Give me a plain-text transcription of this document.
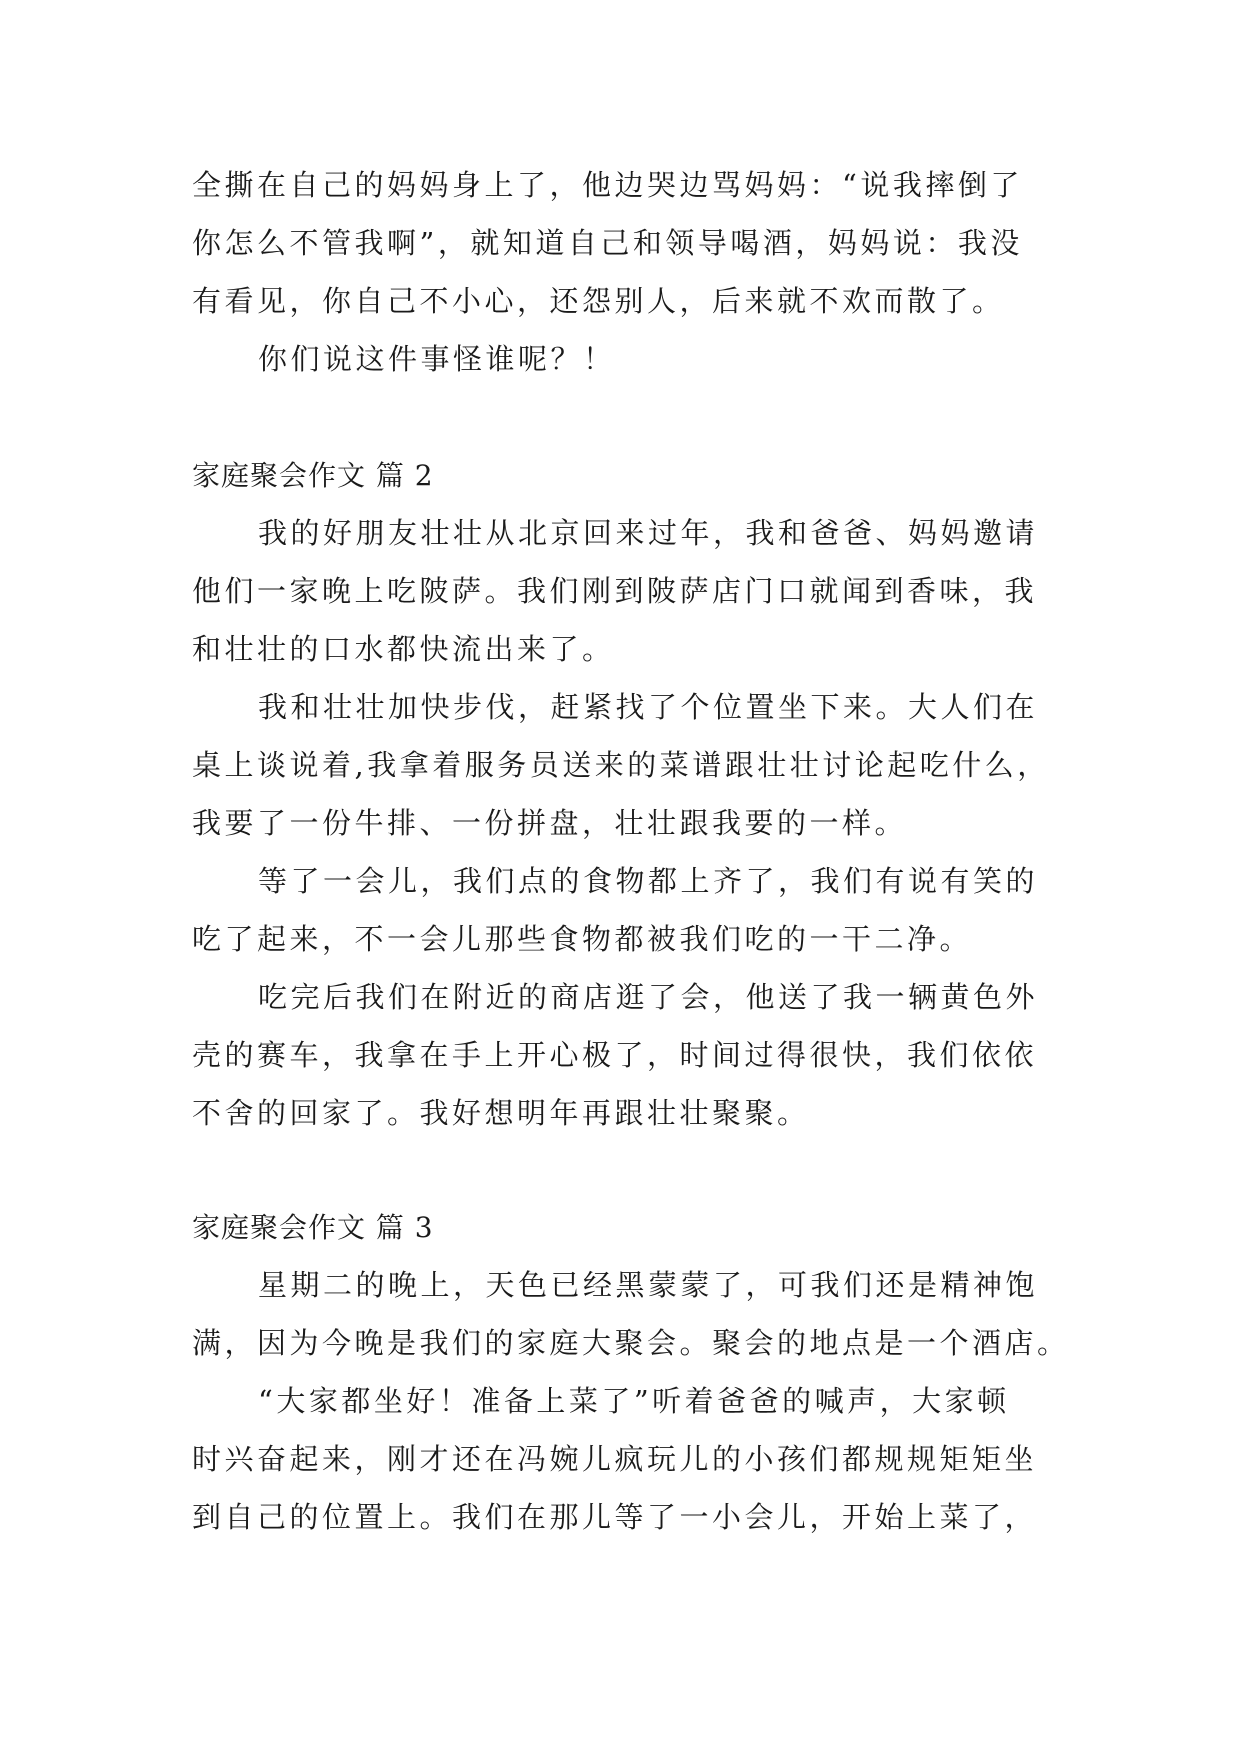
全撕在自己的妈妈身上了，他边哭边骂妈妈：“说我摔倒了
你怎么不管我啊”，就知道自己和领导喝酒，妈妈说：我没
有看见，你自己不小心，还怨别人，后来就不欢而散了。
你们说这件事怪谁呢？！
家庭聚会作文 篇 2
我的好朋友壮壮从北京回来过年，我和爸爸、妈妈邀请
他们一家晚上吃陂萨。我们刚到陂萨店门口就闻到香味，我
和壮壮的口水都快流出来了。
我和壮壮加快步伐，赶紧找了个位置坐下来。大人们在
桌上谈说着,我拿着服务员送来的菜谱跟壮壮讨论起吃什么，
我要了一份牛排、一份拼盘，壮壮跟我要的一样。
等了一会儿，我们点的食物都上齐了，我们有说有笑的
吃了起来，不一会儿那些食物都被我们吃的一干二净。
吃完后我们在附近的商店逛了会，他送了我一辆黄色外
壳的赛车，我拿在手上开心极了，时间过得很快，我们依依
不舍的回家了。我好想明年再跟壮壮聚聚。
家庭聚会作文 篇 3
星期二的晚上，天色已经黑蒙蒙了，可我们还是精神饱
满，因为今晚是我们的家庭大聚会。聚会的地点是一个酒店。
“大家都坐好！准备上菜了”听着爸爸的喊声，大家顿
时兴奋起来，刚才还在冯婉儿疯玩儿的小孩们都规规矩矩坐
到自己的位置上。我们在那儿等了一小会儿，开始上菜了，
